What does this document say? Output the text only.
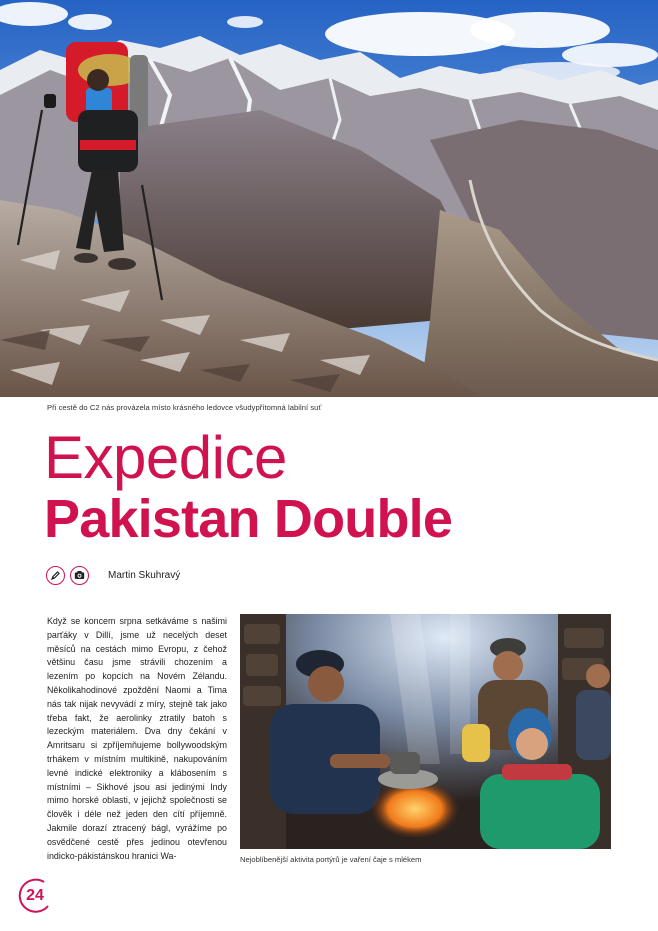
Při cestě do C2 nás provázela místo krásného ledovce všudypřítomná labilní suť
Expedice
Pakistan Double
Martin Skuhravý

Když se koncem srpna setkáváme s našimi parťáky v Dillí, jsme už necelých deset měsíců na cestách mimo Evropu, z čehož většinu času jsme strávili chozením a lezením po kopcích na Novém Zélandu. Několikahodinové zpoždění Naomi a Tima nás tak nijak nevyvádí z míry, stejně tak jako třeba fakt, že aerolinky ztratily batoh s lezeckým materiálem. Dva dny čekání v Amritsaru si zpříjemňujeme bollywoodským trhákem v místním multikině, nakupováním levné indické elektroniky a klábosením s místními – Sikhové jsou asi jedinými Indy mimo horské oblasti, v jejichž společnosti se člověk i déle než jeden den cítí příjemně. Jakmile dorazí ztracený bágl, vyrážíme po osvědčené cestě přes jedinou otevřenou indicko-pákistánskou hranici Wa-	Nejoblíbenější aktivita portýrů je vaření čaje s mlékem
24
